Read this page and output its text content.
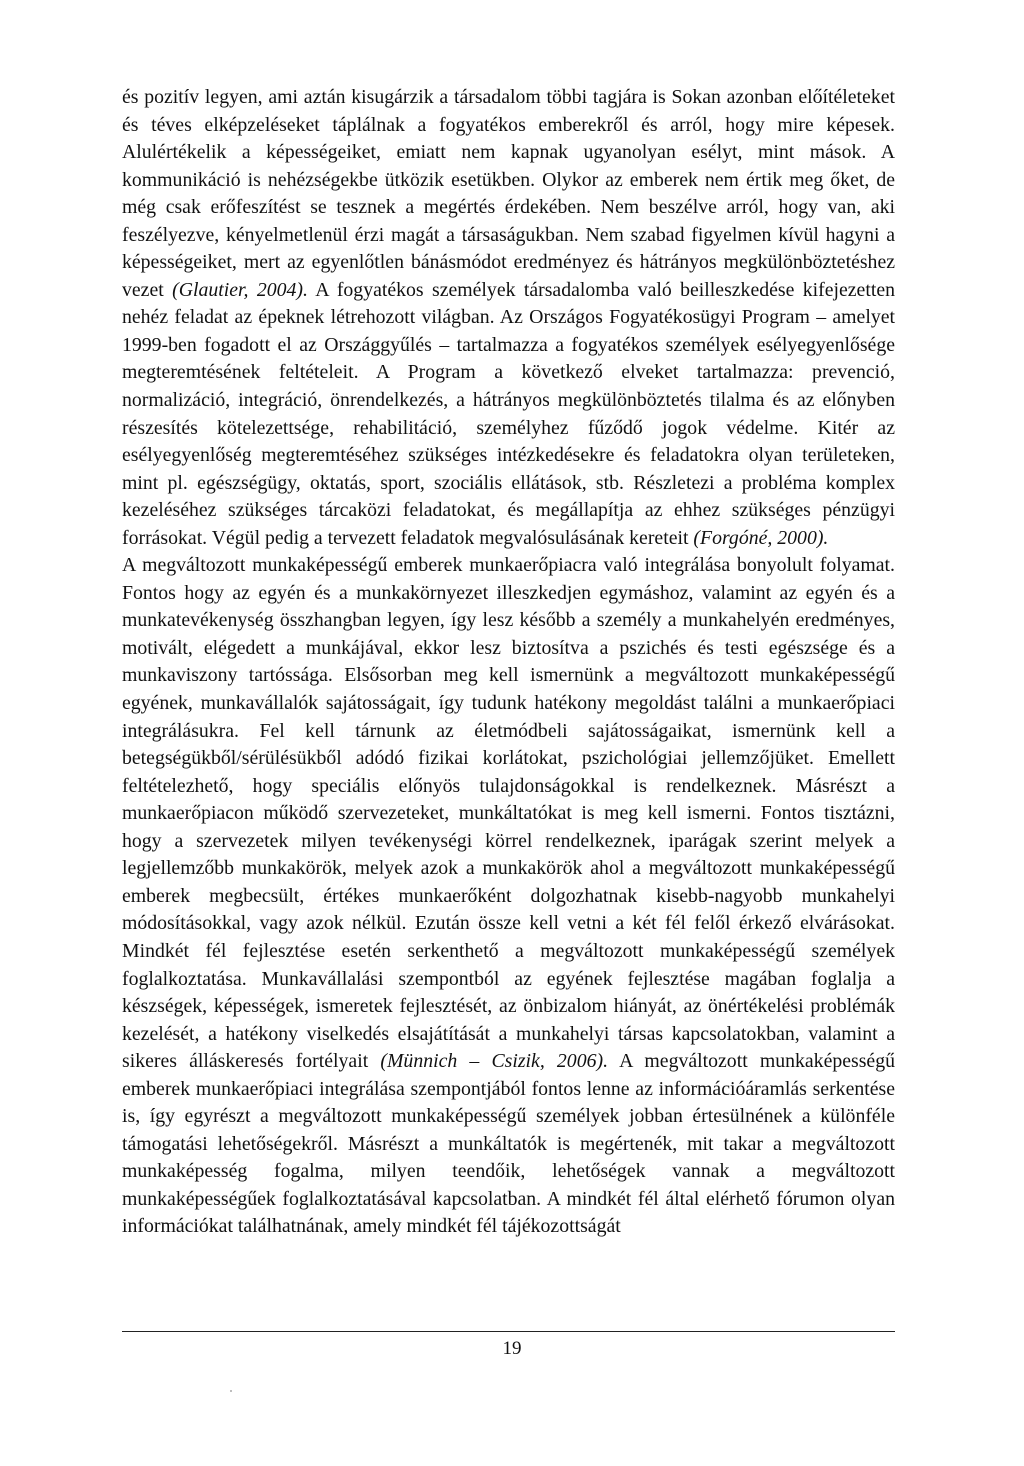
és pozitív legyen, ami aztán kisugárzik a társadalom többi tagjára is Sokan azonban előítéleteket és téves elképzeléseket táplálnak a fogyatékos emberekről és arról, hogy mire képesek. Alulértékelik a képességeiket, emiatt nem kapnak ugyanolyan esélyt, mint mások. A kommunikáció is nehézségekbe ütközik esetükben. Olykor az emberek nem értik meg őket, de még csak erőfeszítést se tesznek a megértés érdekében. Nem beszélve arról, hogy van, aki feszélyezve, kényelmetlenül érzi magát a társaságukban. Nem szabad figyelmen kívül hagyni a képességeiket, mert az egyenlőtlen bánásmódot eredményez és hátrányos megkülönböztetéshez vezet (Glautier, 2004). A fogyatékos személyek társadalomba való beilleszkedése kifejezetten nehéz feladat az épeknek létrehozott világban. Az Országos Fogyatékosügyi Program – amelyet 1999-ben fogadott el az Országgyűlés – tartalmazza a fogyatékos személyek esélyegyenlősége megteremtésének feltételeit. A Program a következő elveket tartalmazza: prevenció, normalizáció, integráció, önrendelkezés, a hátrányos megkülönböztetés tilalma és az előnyben részesítés kötelezettsége, rehabilitáció, személyhez fűződő jogok védelme. Kitér az esélyegyenlőség megteremtéséhez szükséges intézkedésekre és feladatokra olyan területeken, mint pl. egészségügy, oktatás, sport, szociális ellátások, stb. Részletezi a probléma komplex kezeléséhez szükséges tárcaközi feladatokat, és megállapítja az ehhez szükséges pénzügyi forrásokat. Végül pedig a tervezett feladatok megvalósulásának kereteit (Forgóné, 2000).

A megváltozott munkaképességű emberek munkaerőpiacra való integrálása bonyolult folyamat. Fontos hogy az egyén és a munkakörnyezet illeszkedjen egymáshoz, valamint az egyén és a munkatevékenység összhangban legyen, így lesz később a személy a munkahelyén eredményes, motivált, elégedett a munkájával, ekkor lesz biztosítva a pszichés és testi egészsége és a munkaviszony tartóssága. Elsősorban meg kell ismernünk a megváltozott munkaképességű egyének, munkavállalók sajátosságait, így tudunk hatékony megoldást találni a munkaerőpiaci integrálásukra. Fel kell tárnunk az életmódbeli sajátosságaikat, ismernünk kell a betegségükből/sérülésükből adódó fizikai korlátokat, pszichológiai jellemzőjüket. Emellett feltételezhető, hogy speciális előnyös tulajdonságokkal is rendelkeznek. Másrészt a munkaerőpiacon működő szervezeteket, munkáltatókat is meg kell ismerni. Fontos tisztázni, hogy a szervezetek milyen tevékenységi körrel rendelkeznek, iparágak szerint melyek a legjellemzőbb munkakörök, melyek azok a munkakörök ahol a megváltozott munkaképességű emberek megbecsült, értékes munkaerőként dolgozhatnak kisebb-nagyobb munkahelyi módosításokkal, vagy azok nélkül. Ezután össze kell vetni a két fél felől érkező elvárásokat. Mindkét fél fejlesztése esetén serkenthető a megváltozott munkaképességű személyek foglalkoztatása. Munkavállalási szempontból az egyének fejlesztése magában foglalja a készségek, képességek, ismeretek fejlesztését, az önbizalom hiányát, az önértékelési problémák kezelését, a hatékony viselkedés elsajátítását a munkahelyi társas kapcsolatokban, valamint a sikeres álláskeresés fortélyait (Münnich – Csizik, 2006). A megváltozott munkaképességű emberek munkaerőpiaci integrálása szempontjából fontos lenne az információáramlás serkentése is, így egyrészt a megváltozott munkaképességű személyek jobban értesülnének a különféle támogatási lehetőségekről. Másrészt a munkáltatók is megértenék, mit takar a megváltozott munkaképesség fogalma, milyen teendőik, lehetőségek vannak a megváltozott munkaképességűek foglalkoztatásával kapcsolatban. A mindkét fél által elérhető fórumon olyan információkat találhatnának, amely mindkét fél tájékozottságát

19
